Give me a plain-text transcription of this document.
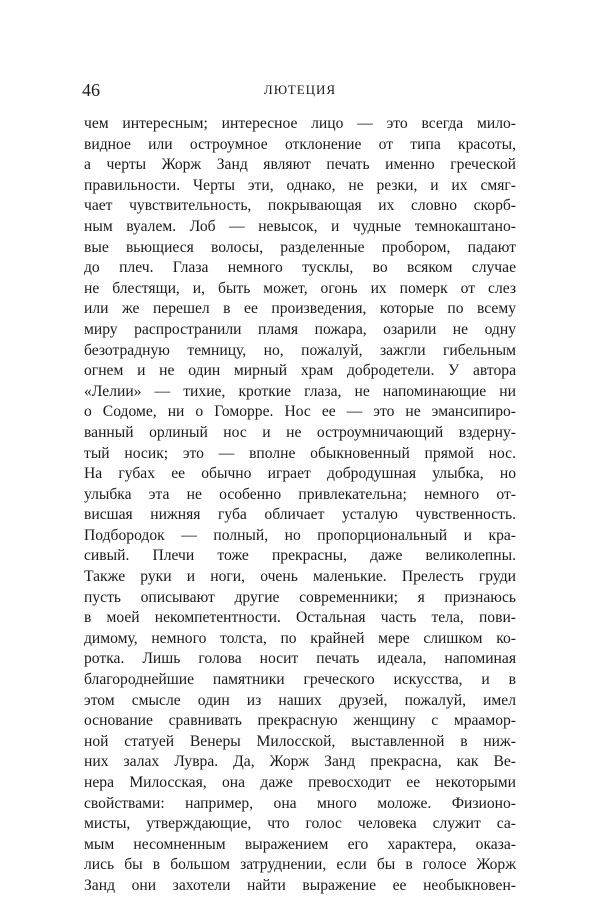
46	ЛЮТЕЦИЯ
чем интересным; интересное лицо — это всегда мило-
видное или остроумное отклонение от типа красоты,
а черты Жорж Занд являют печать именно греческой
правильности. Черты эти, однако, не резки, и их смяг-
чает чувствительность, покрывающая их словно скорб-
ным вуалем. Лоб — невысок, и чудные темнокаштано-
вые вьющиеся волосы, разделенные пробором, падают
до плеч. Глаза немного тусклы, во всяком случае
не блестящи, и, быть может, огонь их померк от слез
или же перешел в ее произведения, которые по всему
миру распространили пламя пожара, озарили не одну
безотрадную темницу, но, пожалуй, зажгли гибельным
огнем и не один мирный храм добродетели. У автора
«Лелии» — тихие, кроткие глаза, не напоминающие ни
о Содоме, ни о Гоморре. Нос ее — это не эмансипиро-
ванный орлиный нос и не остроумничающий вздерну-
тый носик; это — вполне обыкновенный прямой нос.
На губах ее обычно играет добродушная улыбка, но
улыбка эта не особенно привлекательна; немного от-
висшая нижняя губа обличает усталую чувственность.
Подбородок — полный, но пропорциональный и кра-
сивый. Плечи тоже прекрасны, даже великолепны.
Также руки и ноги, очень маленькие. Прелесть груди
пусть описывают другие современники; я признаюсь
в моей некомпетентности. Остальная часть тела, пови-
димому, немного толста, по крайней мере слишком ко-
ротка. Лишь голова носит печать идеала, напоминая
благороднейшие памятники греческого искусства, и в
этом смысле один из наших друзей, пожалуй, имел
основание сравнивать прекрасную женщину с мраамор-
ной статуей Венеры Милосской, выставленной в ниж-
них залах Лувра. Да, Жорж Занд прекрасна, как Ве-
нера Милосская, она даже превосходит ее некоторыми
свойствами: например, она много моложе. Физионо-
мисты, утверждающие, что голос человека служит са-
мым несомненным выражением его характера, оказа-
лись бы в большом затруднении, если бы в голосе Жорж
Занд они захотели найти выражение ее необыкновен-
